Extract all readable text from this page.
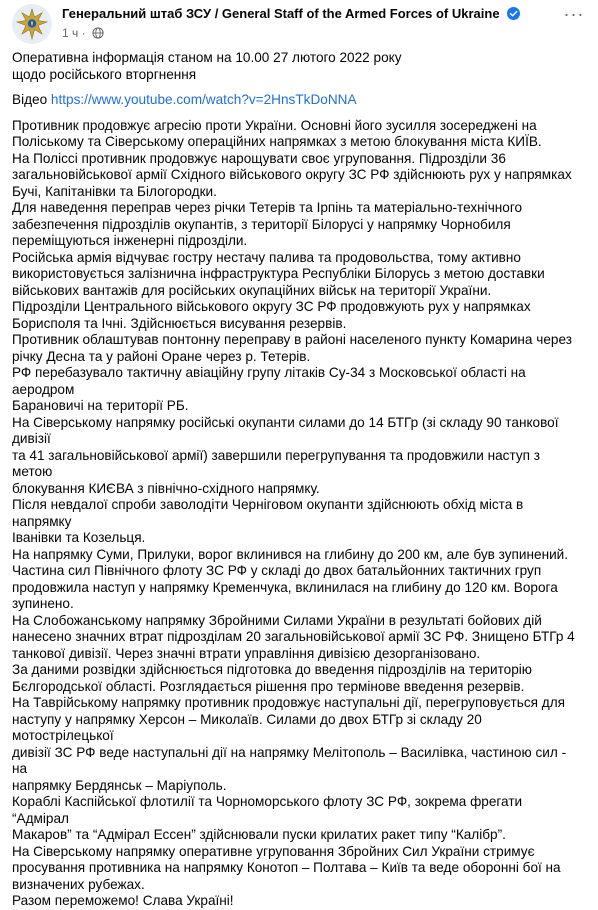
Генеральний штаб ЗСУ / General Staff of the Armed Forces of Ukraine
1 ч ·
···

Оперативна інформація станом на 10.00 27 лютого 2022 року

щодо російського вторгнення

Відео https://www.youtube.com/watch?v=2HnsTkDoNNA

Противник продовжує агресію проти України. Основні його зусилля зосереджені на

Поліському та Сіверському операційних напрямках з метою блокування міста КИЇВ.

На Поліссі противник продовжує нарощувати своє угруповання. Підрозділи 36

загальновійськової армії Східного військового округу ЗС РФ здійснюють рух у напрямках

Бучі, Капітанівки та Білогородки.

Для наведення переправ через річки Тетерів та Ірпінь та матеріально-технічного

забезпечення підрозділів окупантів, з території Білорусі у напрямку Чорнобиля

переміщуються інженерні підрозділи.

Російська армія відчуває гостру нестачу палива та продовольства, тому активно

використовується залізнична інфраструктура Республіки Білорусь з метою доставки

військових вантажів для російських окупаційних військ на території України.

Підрозділи Центрального військового округу ЗС РФ продовжують рух у напрямках

Борисполя та Ічні. Здійснюється висування резервів.

Противник облаштував понтонну переправу в районі населеного пункту Комарина через

річку Десна та у районі Оране через р. Тетерів.

РФ перебазувало тактичну авіаційну групу літаків Су-34 з Московської області на аеродром

Барановичі на території РБ.

На Сіверському напрямку російські окупанти силами до 14 БТГр (зі складу 90 танкової дивізії

та 41 загальновійськової армії) завершили перегрупування та продовжили наступ з метою

блокування КИЄВА з північно-східного напрямку.

Після невдалої спроби заволодіти Черніговом окупанти здійснюють обхід міста в напрямку

Іванівки та Козельця.

На напрямку Суми, Прилуки, ворог вклинився на глибину до 200 км, але був зупинений.

Частина сил Північного флоту ЗС РФ у складі до двох батальйонних тактичних груп

продовжила наступ у напрямку Кременчука, вклинилася на глибину до 120 км. Ворога

зупинено.

На Слобожанському напрямку Збройними Силами України в результаті бойових дій

нанесено значних втрат підрозділам 20 загальновійськової армії ЗС РФ. Знищено БТГр 4

танкової дивізії. Через значні втрати управління дивізією дезорганізовано.

За даними розвідки здійснюється підготовка до введення підрозділів на територію

Бєлгородської області. Розглядається рішення про термінове введення резервів.

На Таврійському напрямку противник продовжує наступальні дії, перегруповується для

наступу у напрямку Херсон – Миколаїв. Силами до двох БТГр зі складу 20 мотострілецької

дивізії ЗС РФ веде наступальні дії на напрямку Мелітополь – Василівка, частиною сил - на

напрямку Бердянськ – Маріуполь.

Кораблі Каспійської флотилії та Чорноморського флоту ЗС РФ, зокрема фрегати “Адмірал

Макаров” та “Адмірал Ессен” здійснювали пуски крилатих ракет типу “Калібр”.

На Сіверському напрямку оперативне угруповання Збройних Сил України стримує

просування противника на напрямку Конотоп – Полтава – Київ та веде оборонні бої на

визначених рубежах.

Разом переможемо! Слава Україні!
